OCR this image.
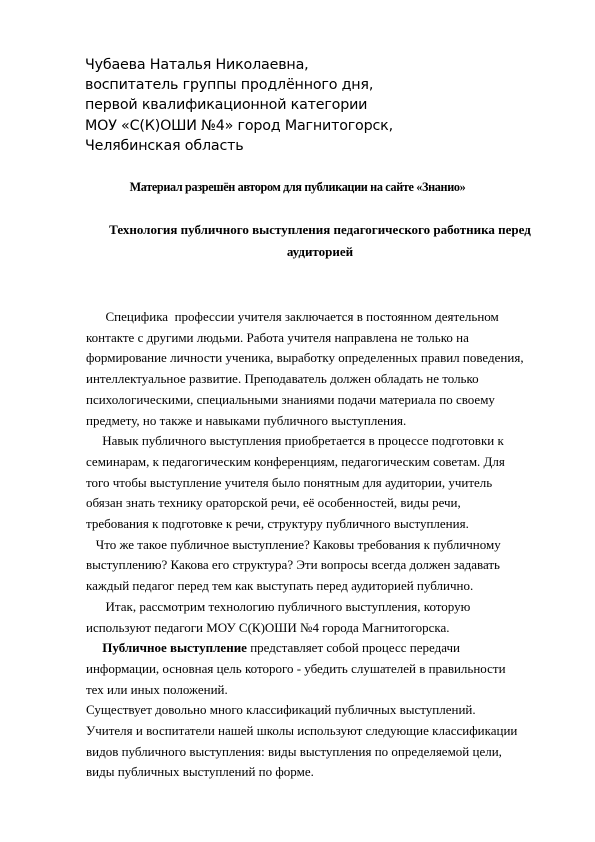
Чубаева Наталья Николаевна,
воспитатель группы продлённого дня,
первой квалификационной категории
МОУ «С(К)ОШИ №4» город Магнитогорск,
Челябинская область
Материал разрешён автором для публикации на сайте «Знанио»
Технология публичного выступления педагогического работника перед
аудиторией
Специфика  профессии учителя заключается в постоянном деятельном
контакте с другими людьми. Работа учителя направлена не только на
формирование личности ученика, выработку определенных правил поведения,
интеллектуальное развитие. Преподаватель должен обладать не только
психологическими, специальными знаниями подачи материала по своему
предмету, но также и навыками публичного выступления.
Навык публичного выступления приобретается в процессе подготовки к
семинарам, к педагогическим конференциям, педагогическим советам. Для
того чтобы выступление учителя было понятным для аудитории, учитель
обязан знать технику ораторской речи, её особенностей, виды речи,
требования к подготовке к речи, структуру публичного выступления.
Что же такое публичное выступление? Каковы требования к публичному
выступлению? Какова его структура? Эти вопросы всегда должен задавать
каждый педагог перед тем как выступать перед аудиторией публично.
Итак, рассмотрим технологию публичного выступления, которую
используют педагоги МОУ С(К)ОШИ №4 города Магнитогорска.
Публичное выступление представляет собой процесс передачи
информации, основная цель которого - убедить слушателей в правильности
тех или иных положений.
Существует довольно много классификаций публичных выступлений.
Учителя и воспитатели нашей школы используют следующие классификации
видов публичного выступления: виды выступления по определяемой цели,
виды публичных выступлений по форме.
